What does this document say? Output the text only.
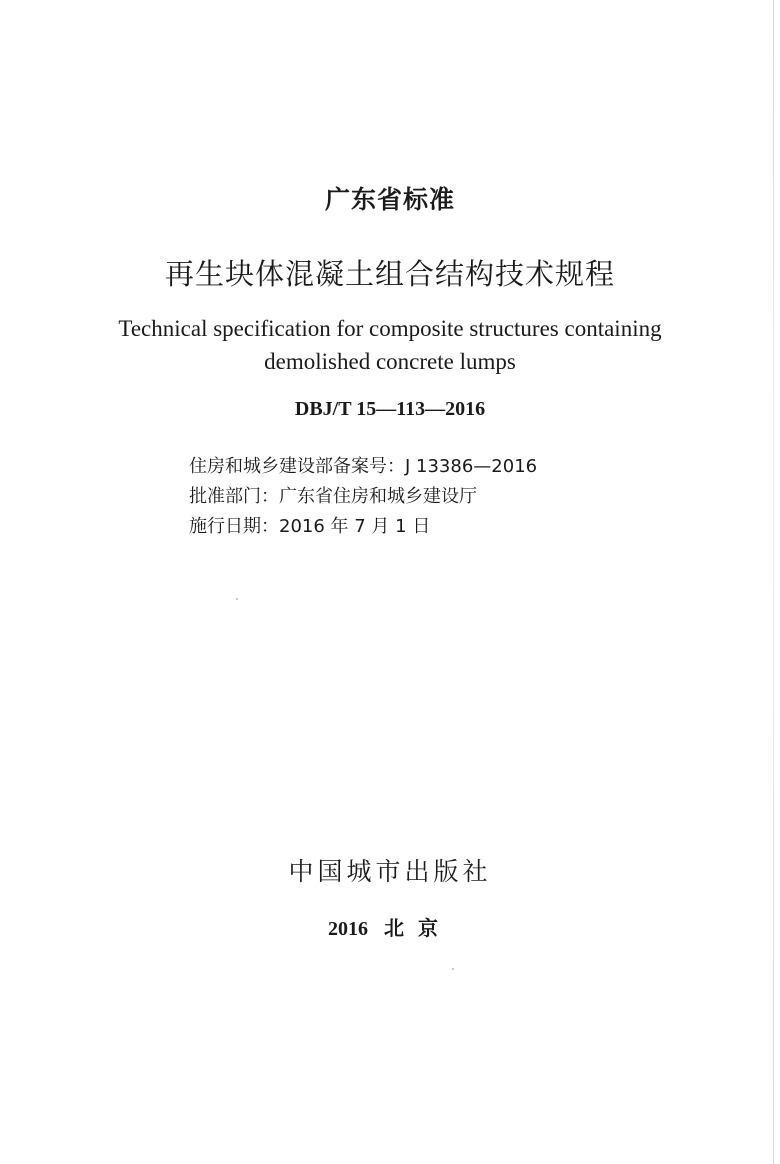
广东省标准
再生块体混凝土组合结构技术规程
Technical specification for composite structures containing
demolished concrete lumps
DBJ/T 15—113—2016
住房和城乡建设部备案号：J 13386—2016
批准部门：广东省住房和城乡建设厅
施行日期：2016 年 7 月 1 日
中国城市出版社
2016 北京
